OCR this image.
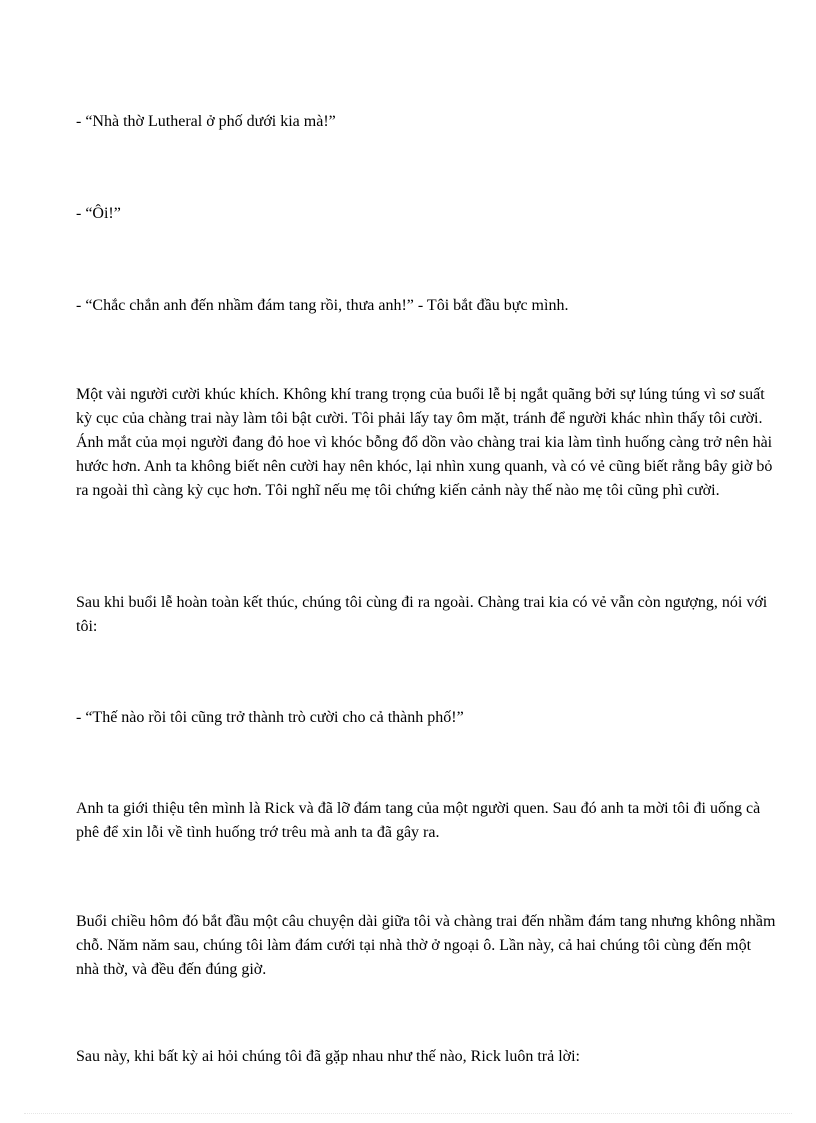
- “Nhà thờ Lutheral ở phố dưới kia mà!”

- “Ôi!”

- “Chắc chắn anh đến nhầm đám tang rồi, thưa anh!” - Tôi bắt đầu bực mình.

Một vài người cười khúc khích. Không khí trang trọng của buổi lễ bị ngắt quãng bởi sự lúng túng vì sơ suất kỳ cục của chàng trai này làm tôi bật cười. Tôi phải lấy tay ôm mặt, tránh để người khác nhìn thấy tôi cười. Ánh mắt của mọi người đang đỏ hoe vì khóc bỗng đổ dồn vào chàng trai kia làm tình huống càng trở nên hài hước hơn. Anh ta không biết nên cười hay nên khóc, lại nhìn xung quanh, và có vẻ cũng biết rằng bây giờ bỏ ra ngoài thì càng kỳ cục hơn. Tôi nghĩ nếu mẹ tôi chứng kiến cảnh này thế nào mẹ tôi cũng phì cười.

Sau khi buổi lễ hoàn toàn kết thúc, chúng tôi cùng đi ra ngoài. Chàng trai kia có vẻ vẫn còn ngượng, nói với tôi:

- “Thế nào rồi tôi cũng trở thành trò cười cho cả thành phố!”

Anh ta giới thiệu tên mình là Rick và đã lỡ đám tang của một người quen. Sau đó anh ta mời tôi đi uống cà phê để xin lỗi về tình huống trớ trêu mà anh ta đã gây ra.

Buổi chiều hôm đó bắt đầu một câu chuyện dài giữa tôi và chàng trai đến nhầm đám tang nhưng không nhầm chỗ. Năm năm sau, chúng tôi làm đám cưới tại nhà thờ ở ngoại ô. Lần này, cả hai chúng tôi cùng đến một nhà thờ, và đều đến đúng giờ.

Sau này, khi bất kỳ ai hỏi chúng tôi đã gặp nhau như thế nào, Rick luôn trả lời:
